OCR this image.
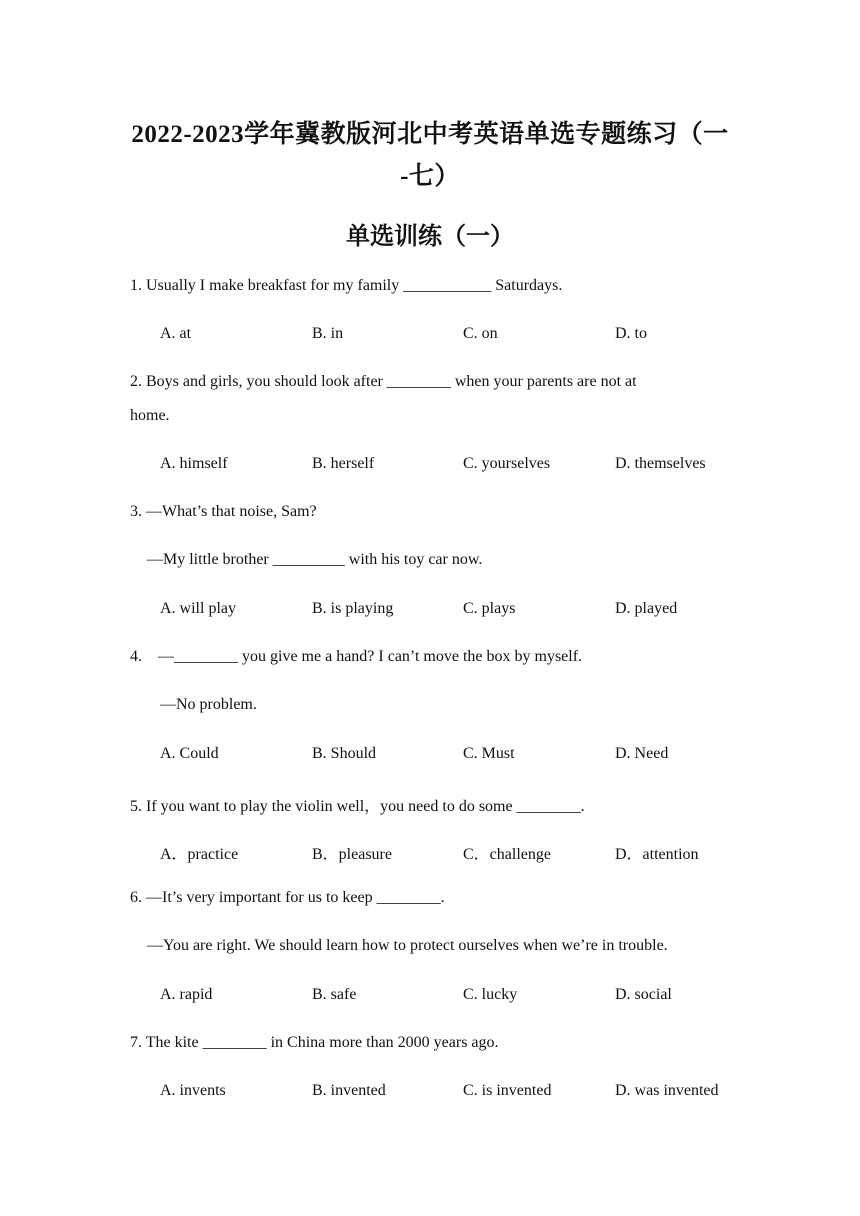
2022-2023学年冀教版河北中考英语单选专题练习（一
-七）
单选训练（一）
1. Usually I make breakfast for my family ___________ Saturdays.
A. at	B. in	C. on	D. to
2. Boys and girls, you should look after ________ when your parents are not at
home.
A. himself	B. herself	C. yourselves	D. themselves
3. —What’s that noise, Sam?
—My little brother _________ with his toy car now.
A. will play	B. is playing	C. plays	D. played
4.    —________ you give me a hand? I can’t move the box by myself.
—No problem.
A. Could	B. Should	C. Must	D. Need
5. If you want to play the violin well，you need to do some ________.
A．practice	B．pleasure	C．challenge	D．attention
6. —It’s very important for us to keep ________.
—You are right. We should learn how to protect ourselves when we’re in trouble.
A. rapid	B. safe	C. lucky	D. social
7. The kite ________ in China more than 2000 years ago.
A. invents	B. invented	C. is invented	D. was invented
